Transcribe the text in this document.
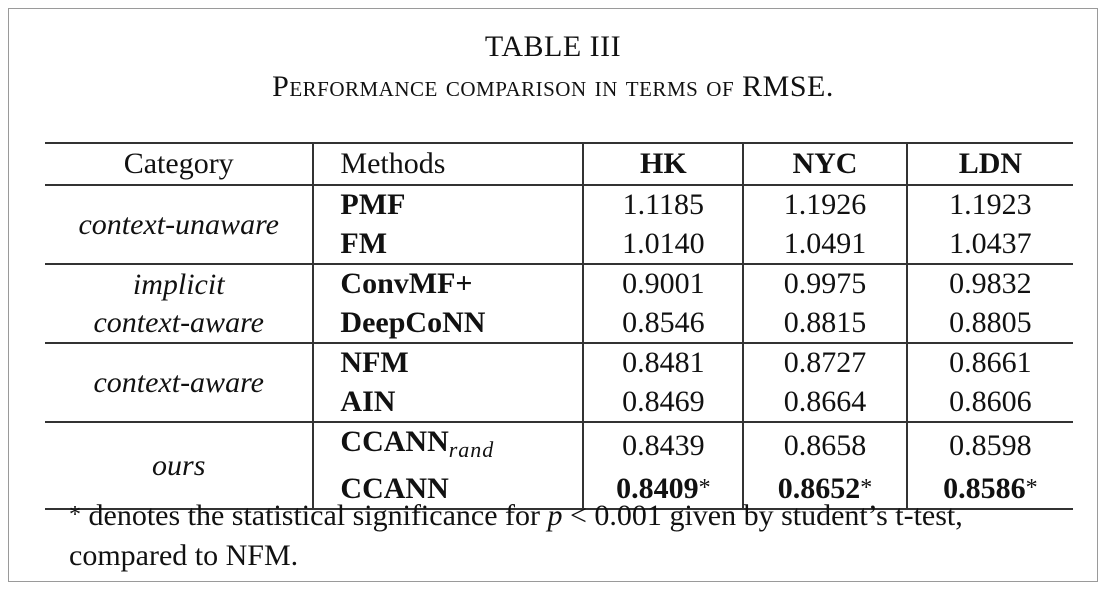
TABLE III
Performance comparison in terms of RMSE.
Category	Methods	HK	NYC	LDN
context-unaware	PMF	1.1185	1.1926	1.1923
	FM	1.0140	1.0491	1.0437

implicit
context-aware	ConvMF+	0.9001	0.9975	0.9832
	DeepCoNN	0.8546	0.8815	0.8805
context-aware	NFM	0.8481	0.8727	0.8661
	AIN	0.8469	0.8664	0.8606
ours	$CCANN_{rand}$	0.8439	0.8658	0.8598
	CCANN	0.8409*	0.8652*	0.8586*
* denotes the statistical significance for p < 0.001 given by student’s t-test, compared to NFM.
